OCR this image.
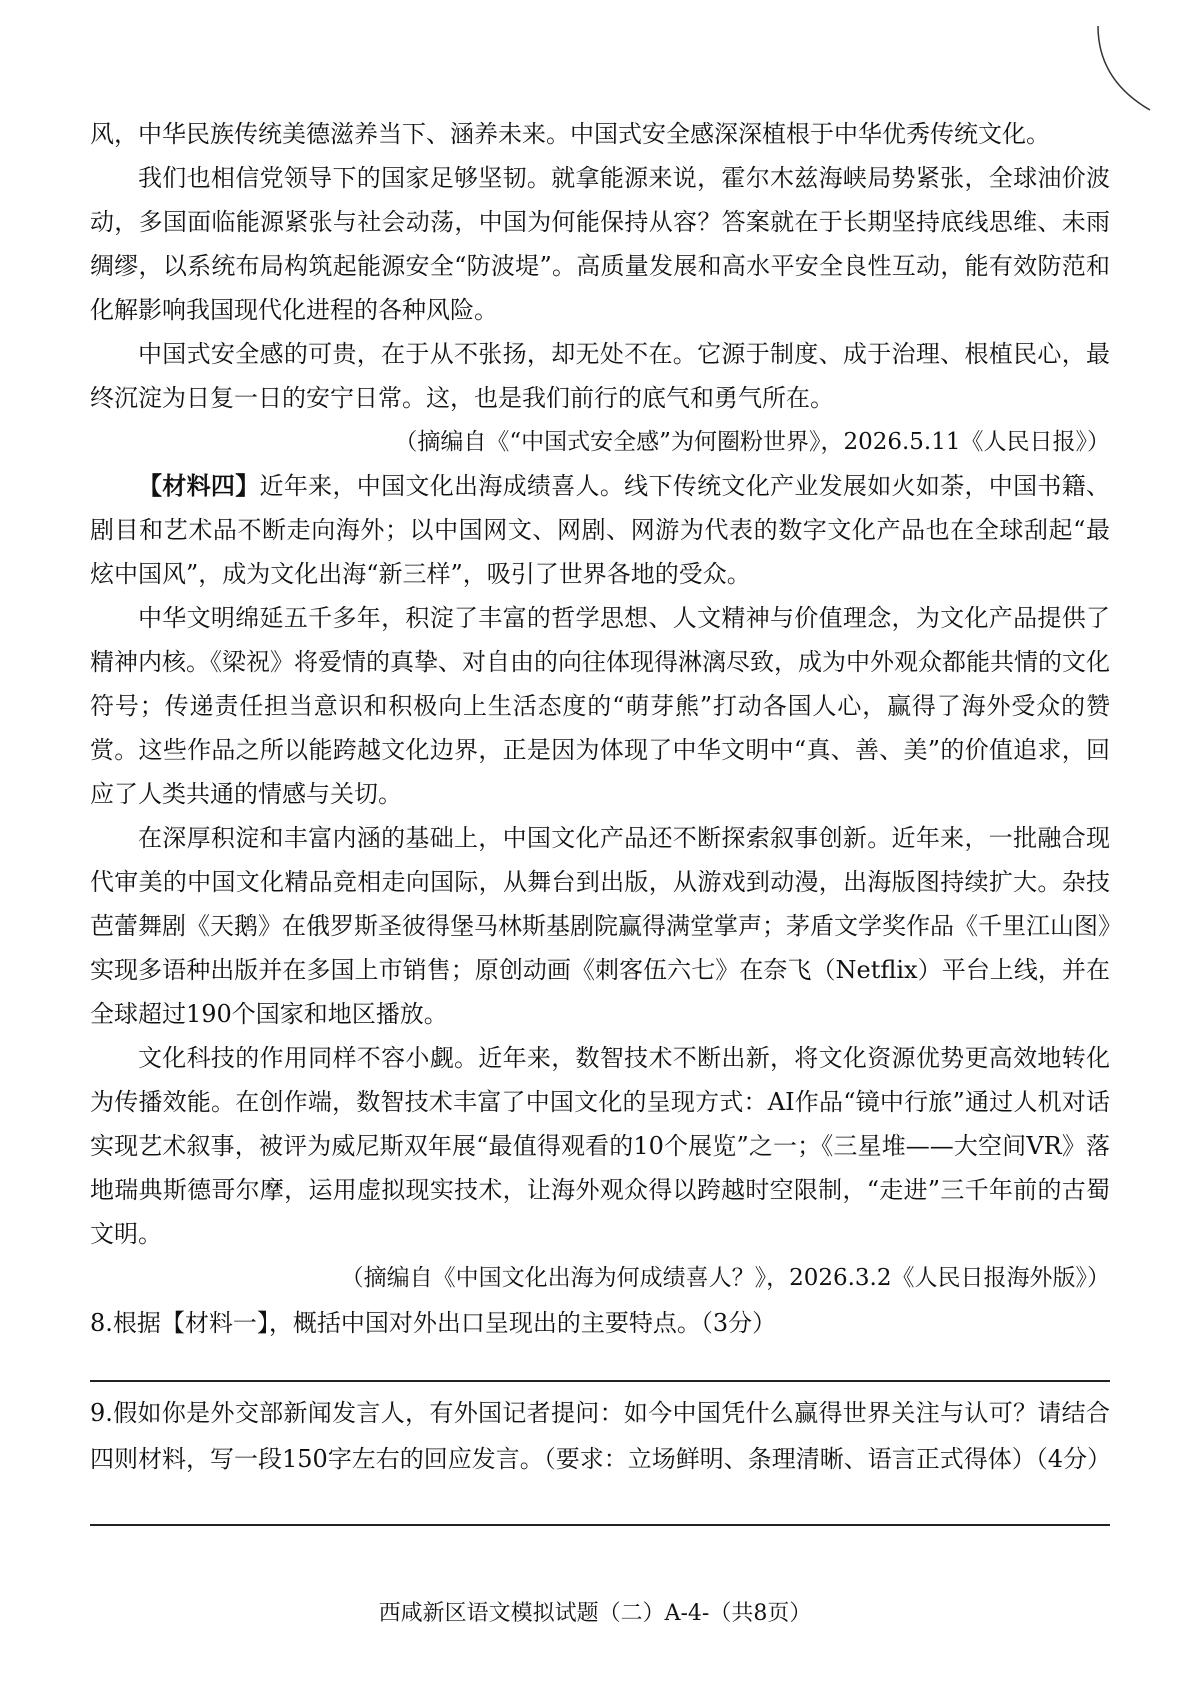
风，中华民族传统美德滋养当下、涵养未来。中国式安全感深深植根于中华优秀传统文化。

我们也相信党领导下的国家足够坚韧。就拿能源来说，霍尔木兹海峡局势紧张，全球油价波动，多国面临能源紧张与社会动荡，中国为何能保持从容？答案就在于长期坚持底线思维、未雨绸缪，以系统布局构筑起能源安全“防波堤”。高质量发展和高水平安全良性互动，能有效防范和化解影响我国现代化进程的各种风险。

中国式安全感的可贵，在于从不张扬，却无处不在。它源于制度、成于治理、根植民心，最终沉淀为日复一日的安宁日常。这，也是我们前行的底气和勇气所在。

（摘编自《“中国式安全感”为何圈粉世界》，2026.5.11《人民日报》）

【材料四】近年来，中国文化出海成绩喜人。线下传统文化产业发展如火如荼，中国书籍、剧目和艺术品不断走向海外；以中国网文、网剧、网游为代表的数字文化产品也在全球刮起“最炫中国风”，成为文化出海“新三样”，吸引了世界各地的受众。

中华文明绵延五千多年，积淀了丰富的哲学思想、人文精神与价值理念，为文化产品提供了精神内核。《梁祝》将爱情的真挚、对自由的向往体现得淋漓尽致，成为中外观众都能共情的文化符号；传递责任担当意识和积极向上生活态度的“萌芽熊”打动各国人心，赢得了海外受众的赞赏。这些作品之所以能跨越文化边界，正是因为体现了中华文明中“真、善、美”的价值追求，回应了人类共通的情感与关切。

在深厚积淀和丰富内涵的基础上，中国文化产品还不断探索叙事创新。近年来，一批融合现代审美的中国文化精品竞相走向国际，从舞台到出版，从游戏到动漫，出海版图持续扩大。杂技芭蕾舞剧《天鹅》在俄罗斯圣彼得堡马林斯基剧院赢得满堂掌声；茅盾文学奖作品《千里江山图》实现多语种出版并在多国上市销售；原创动画《刺客伍六七》在奈飞（Netflix）平台上线，并在全球超过190个国家和地区播放。

文化科技的作用同样不容小觑。近年来，数智技术不断出新，将文化资源优势更高效地转化为传播效能。在创作端，数智技术丰富了中国文化的呈现方式：AI作品“镜中行旅”通过人机对话实现艺术叙事，被评为威尼斯双年展“最值得观看的10个展览”之一；《三星堆——大空间VR》落地瑞典斯德哥尔摩，运用虚拟现实技术，让海外观众得以跨越时空限制，“走进”三千年前的古蜀文明。

（摘编自《中国文化出海为何成绩喜人？》，2026.3.2《人民日报海外版》）

8.根据【材料一】，概括中国对外出口呈现出的主要特点。（3分）

9.假如你是外交部新闻发言人，有外国记者提问：如今中国凭什么赢得世界关注与认可？请结合四则材料，写一段150字左右的回应发言。（要求：立场鲜明、条理清晰、语言正式得体）（4分）

西咸新区语文模拟试题（二）A-4-（共8页）
